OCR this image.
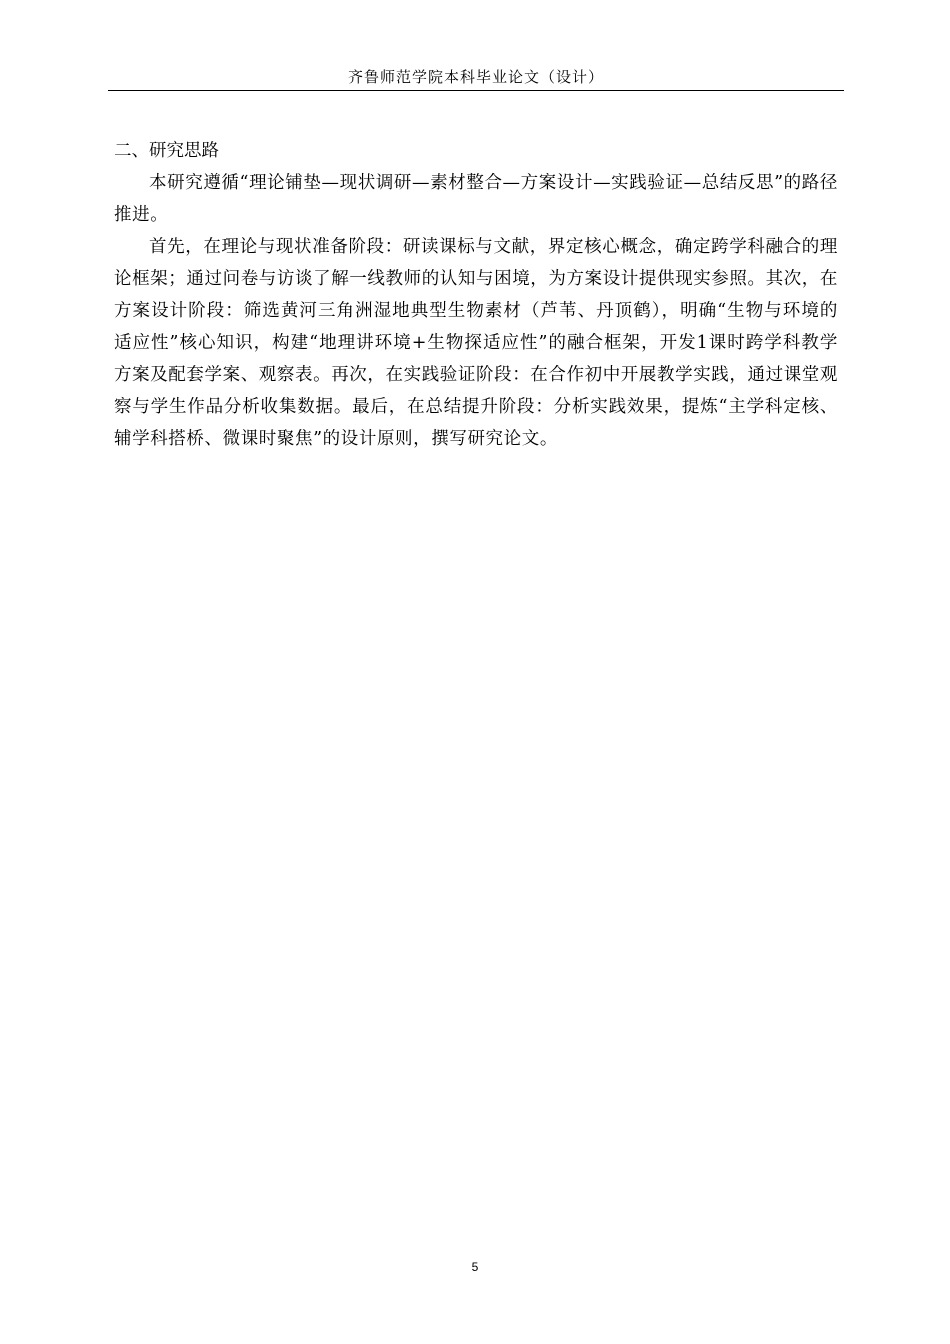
齐鲁师范学院本科毕业论文（设计）

二、研究思路

本研究遵循“理论铺垫—现状调研—素材整合—方案设计—实践验证—总结反思”的路径推进。

首先，在理论与现状准备阶段：研读课标与文献，界定核心概念，确定跨学科融合的理论框架；通过问卷与访谈了解一线教师的认知与困境，为方案设计提供现实参照。其次，在方案设计阶段：筛选黄河三角洲湿地典型生物素材（芦苇、丹顶鹤），明确“生物与环境的适应性”核心知识，构建“地理讲环境+生物探适应性”的融合框架，开发1课时跨学科教学方案及配套学案、观察表。再次，在实践验证阶段：在合作初中开展教学实践，通过课堂观察与学生作品分析收集数据。最后，在总结提升阶段：分析实践效果，提炼“主学科定核、辅学科搭桥、微课时聚焦”的设计原则，撰写研究论文。

5
